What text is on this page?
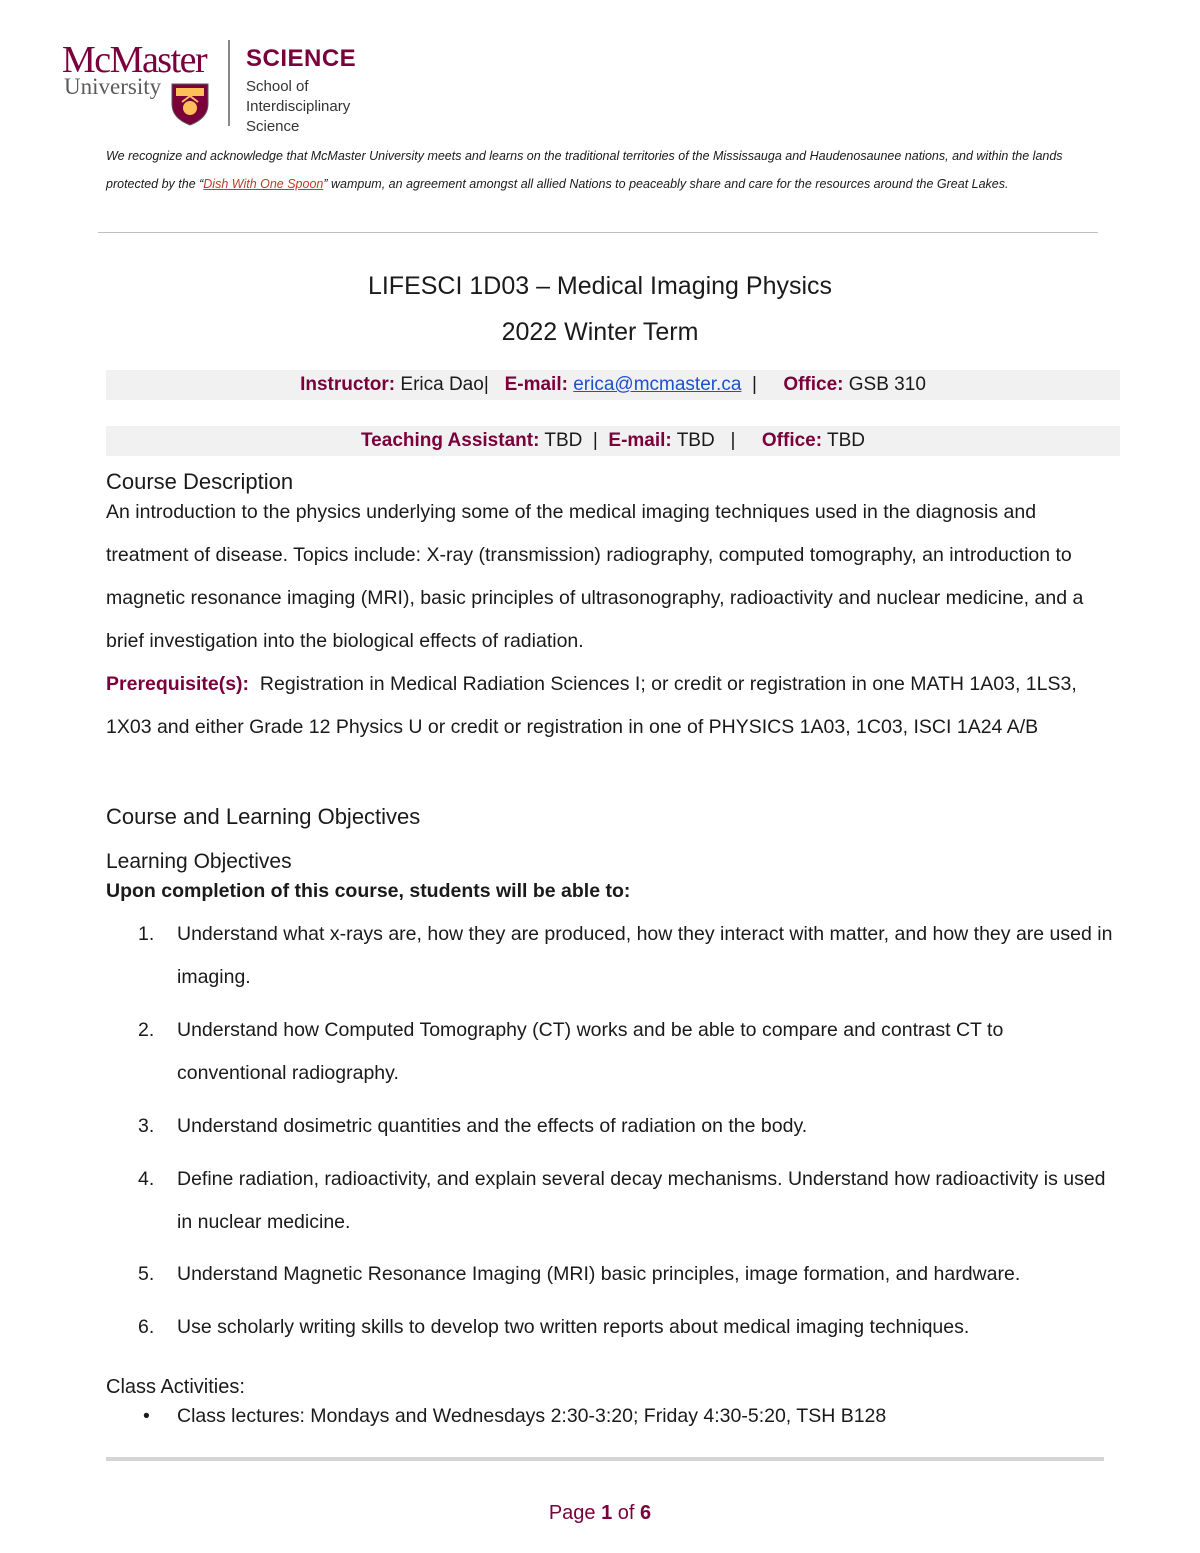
McMaster
University
SCIENCE
School of
Interdisciplinary Science
We recognize and acknowledge that McMaster University meets and learns on the traditional territories of the Mississauga and Haudenosaunee nations, and within the lands protected by the “Dish With One Spoon” wampum, an agreement amongst all allied Nations to peaceably share and care for the resources around the Great Lakes.
LIFESCI 1D03 – Medical Imaging Physics
2022 Winter Term
Instructor: Erica Dao| E-mail: erica@mcmaster.ca | Office: GSB 310
Teaching Assistant: TBD | E-mail: TBD | Office: TBD
Course Description
An introduction to the physics underlying some of the medical imaging techniques used in the diagnosis and treatment of disease. Topics include: X-ray (transmission) radiography, computed tomography, an introduction to magnetic resonance imaging (MRI), basic principles of ultrasonography, radioactivity and nuclear medicine, and a brief investigation into the biological effects of radiation.
Prerequisite(s): Registration in Medical Radiation Sciences I; or credit or registration in one MATH 1A03, 1LS3, 1X03 and either Grade 12 Physics U or credit or registration in one of PHYSICS 1A03, 1C03, ISCI 1A24 A/B
Course and Learning Objectives
Learning Objectives
Upon completion of this course, students will be able to:
1.	Understand what x-rays are, how they are produced, how they interact with matter, and how they are used in imaging.
2.	Understand how Computed Tomography (CT) works and be able to compare and contrast CT to conventional radiography.
3.	Understand dosimetric quantities and the effects of radiation on the body.
4.	Define radiation, radioactivity, and explain several decay mechanisms. Understand how radioactivity is used in nuclear medicine.
5.	Understand Magnetic Resonance Imaging (MRI) basic principles, image formation, and hardware.
6.	Use scholarly writing skills to develop two written reports about medical imaging techniques.
Class Activities:
• Class lectures: Mondays and Wednesdays 2:30-3:20; Friday 4:30-5:20, TSH B128
Page 1 of 6
